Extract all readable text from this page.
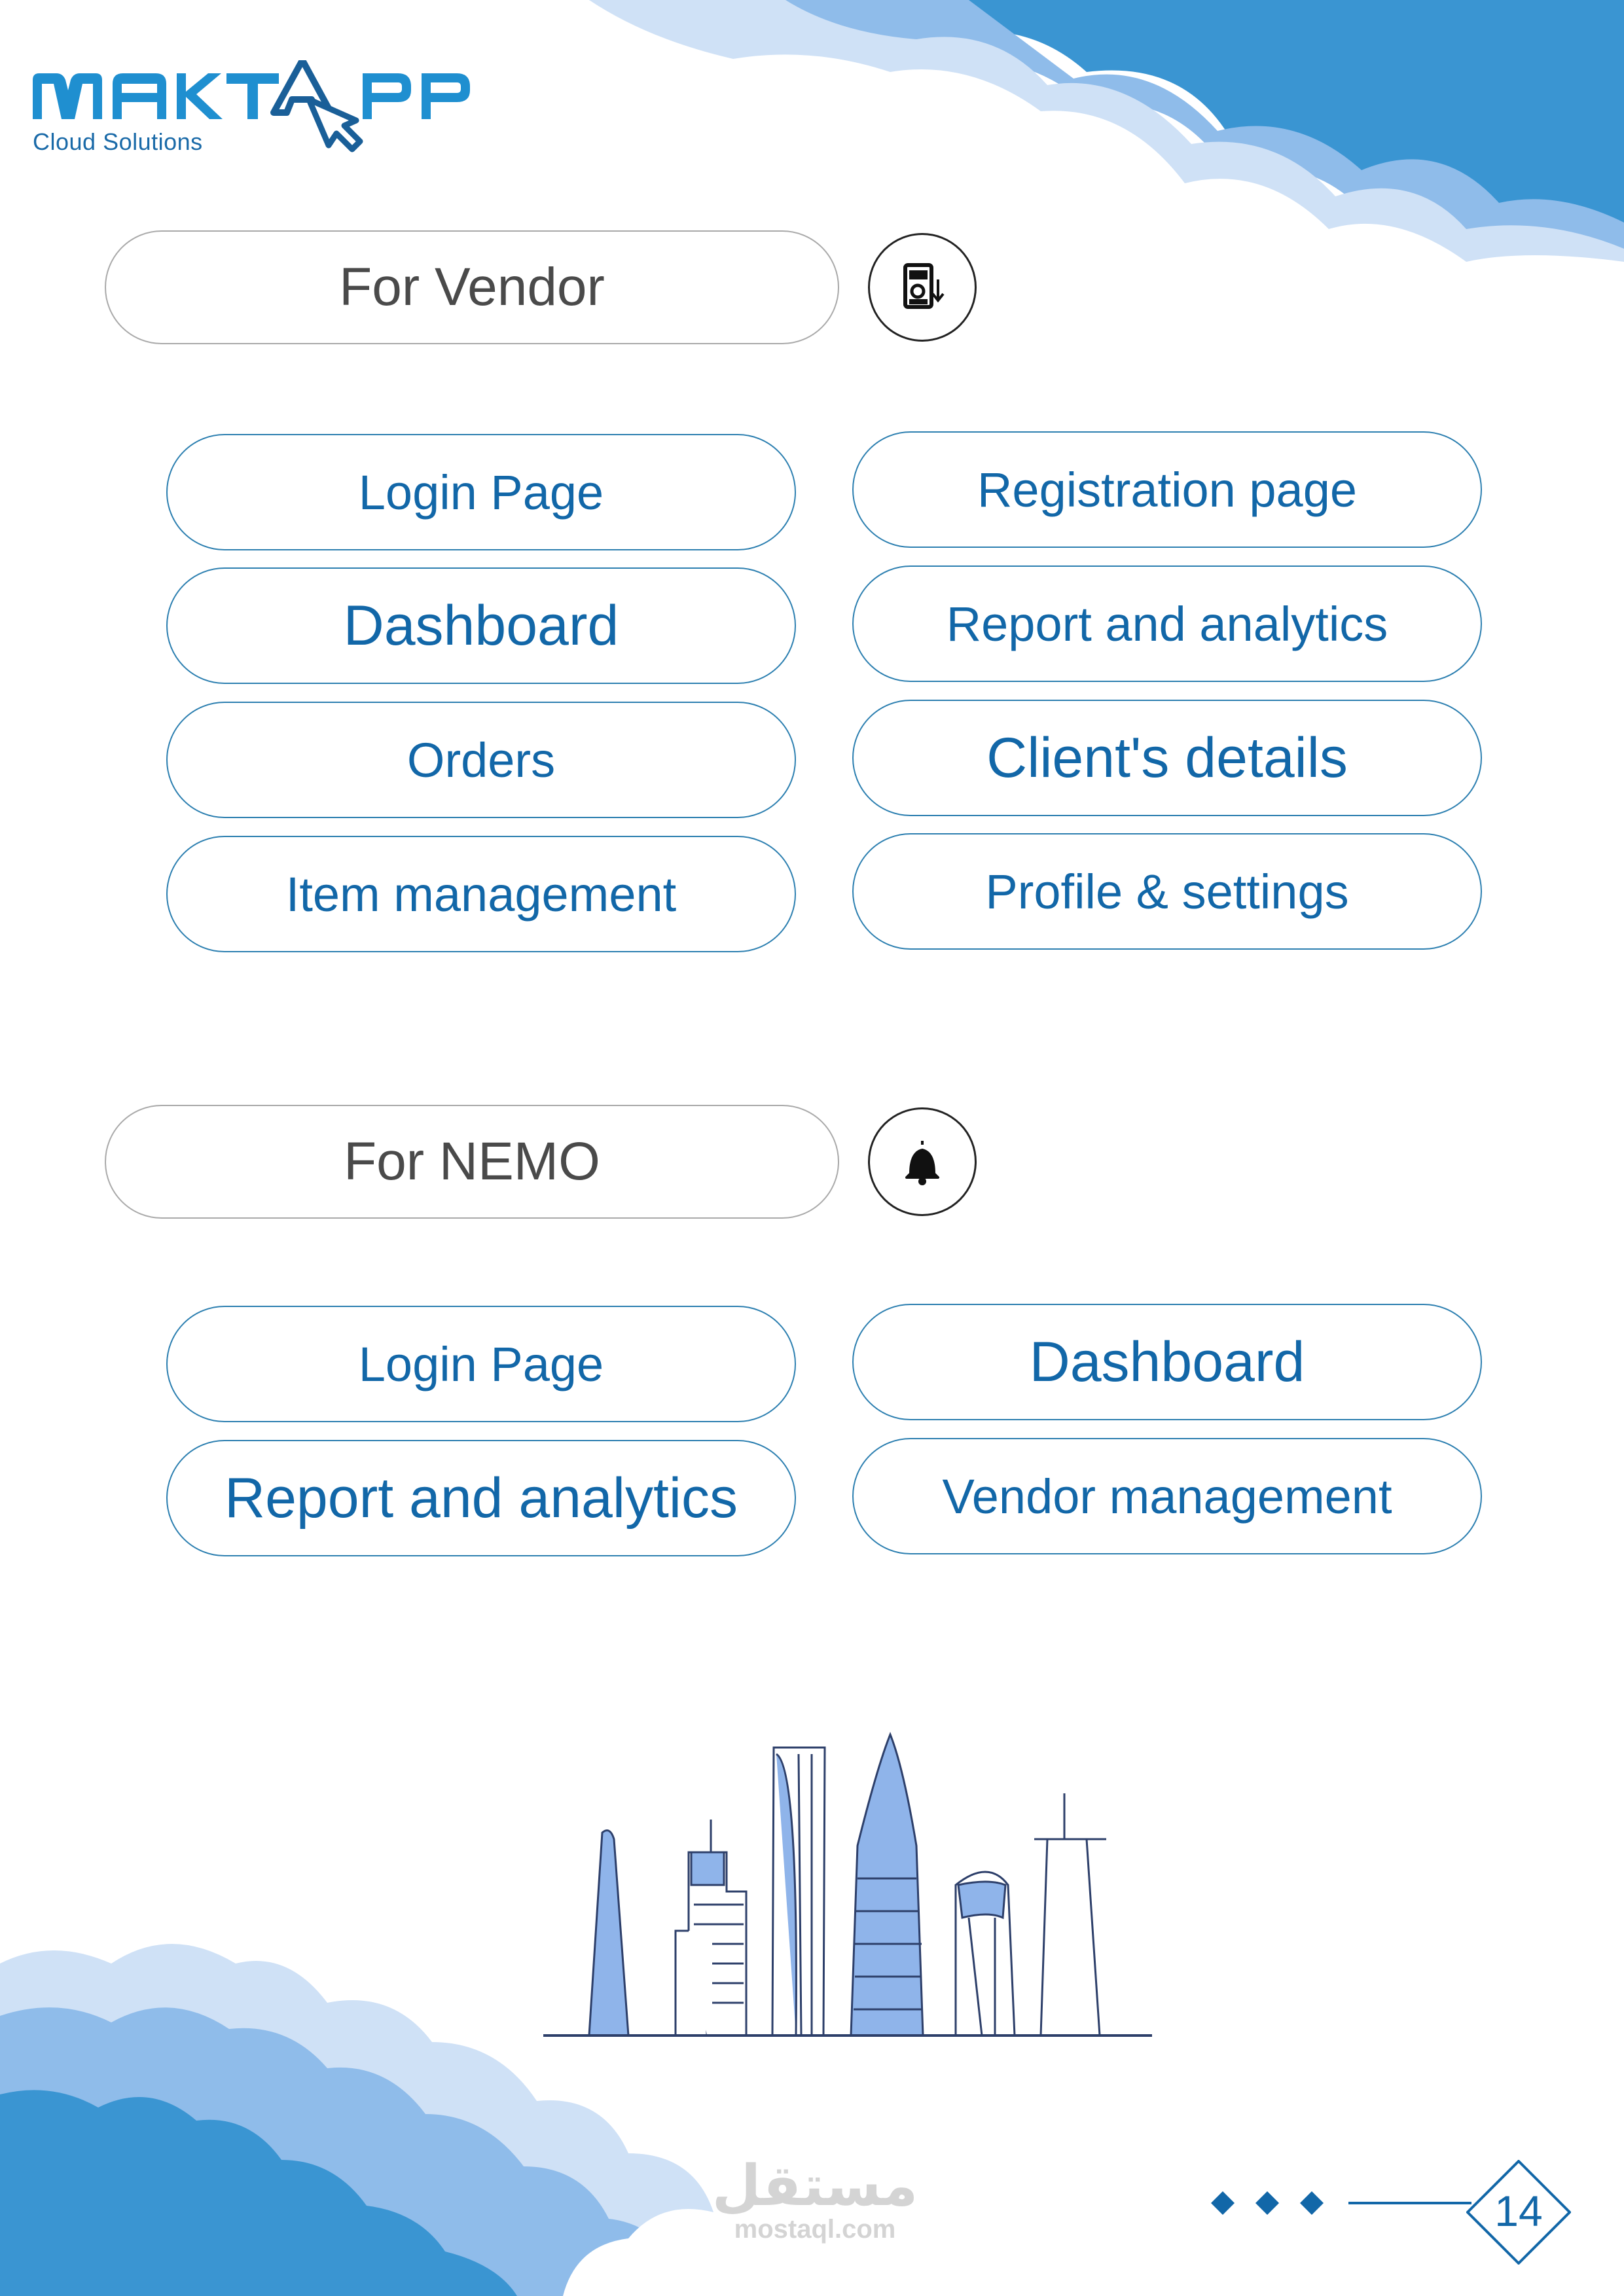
Cloud Solutions
For Vendor
Login Page	Registration page
Dashboard	Report and analytics
Orders	Client's details
Item management	Profile & settings
For NEMO
Login Page	Dashboard
Report and analytics	Vendor management
مستقل
mostaql.com	14
